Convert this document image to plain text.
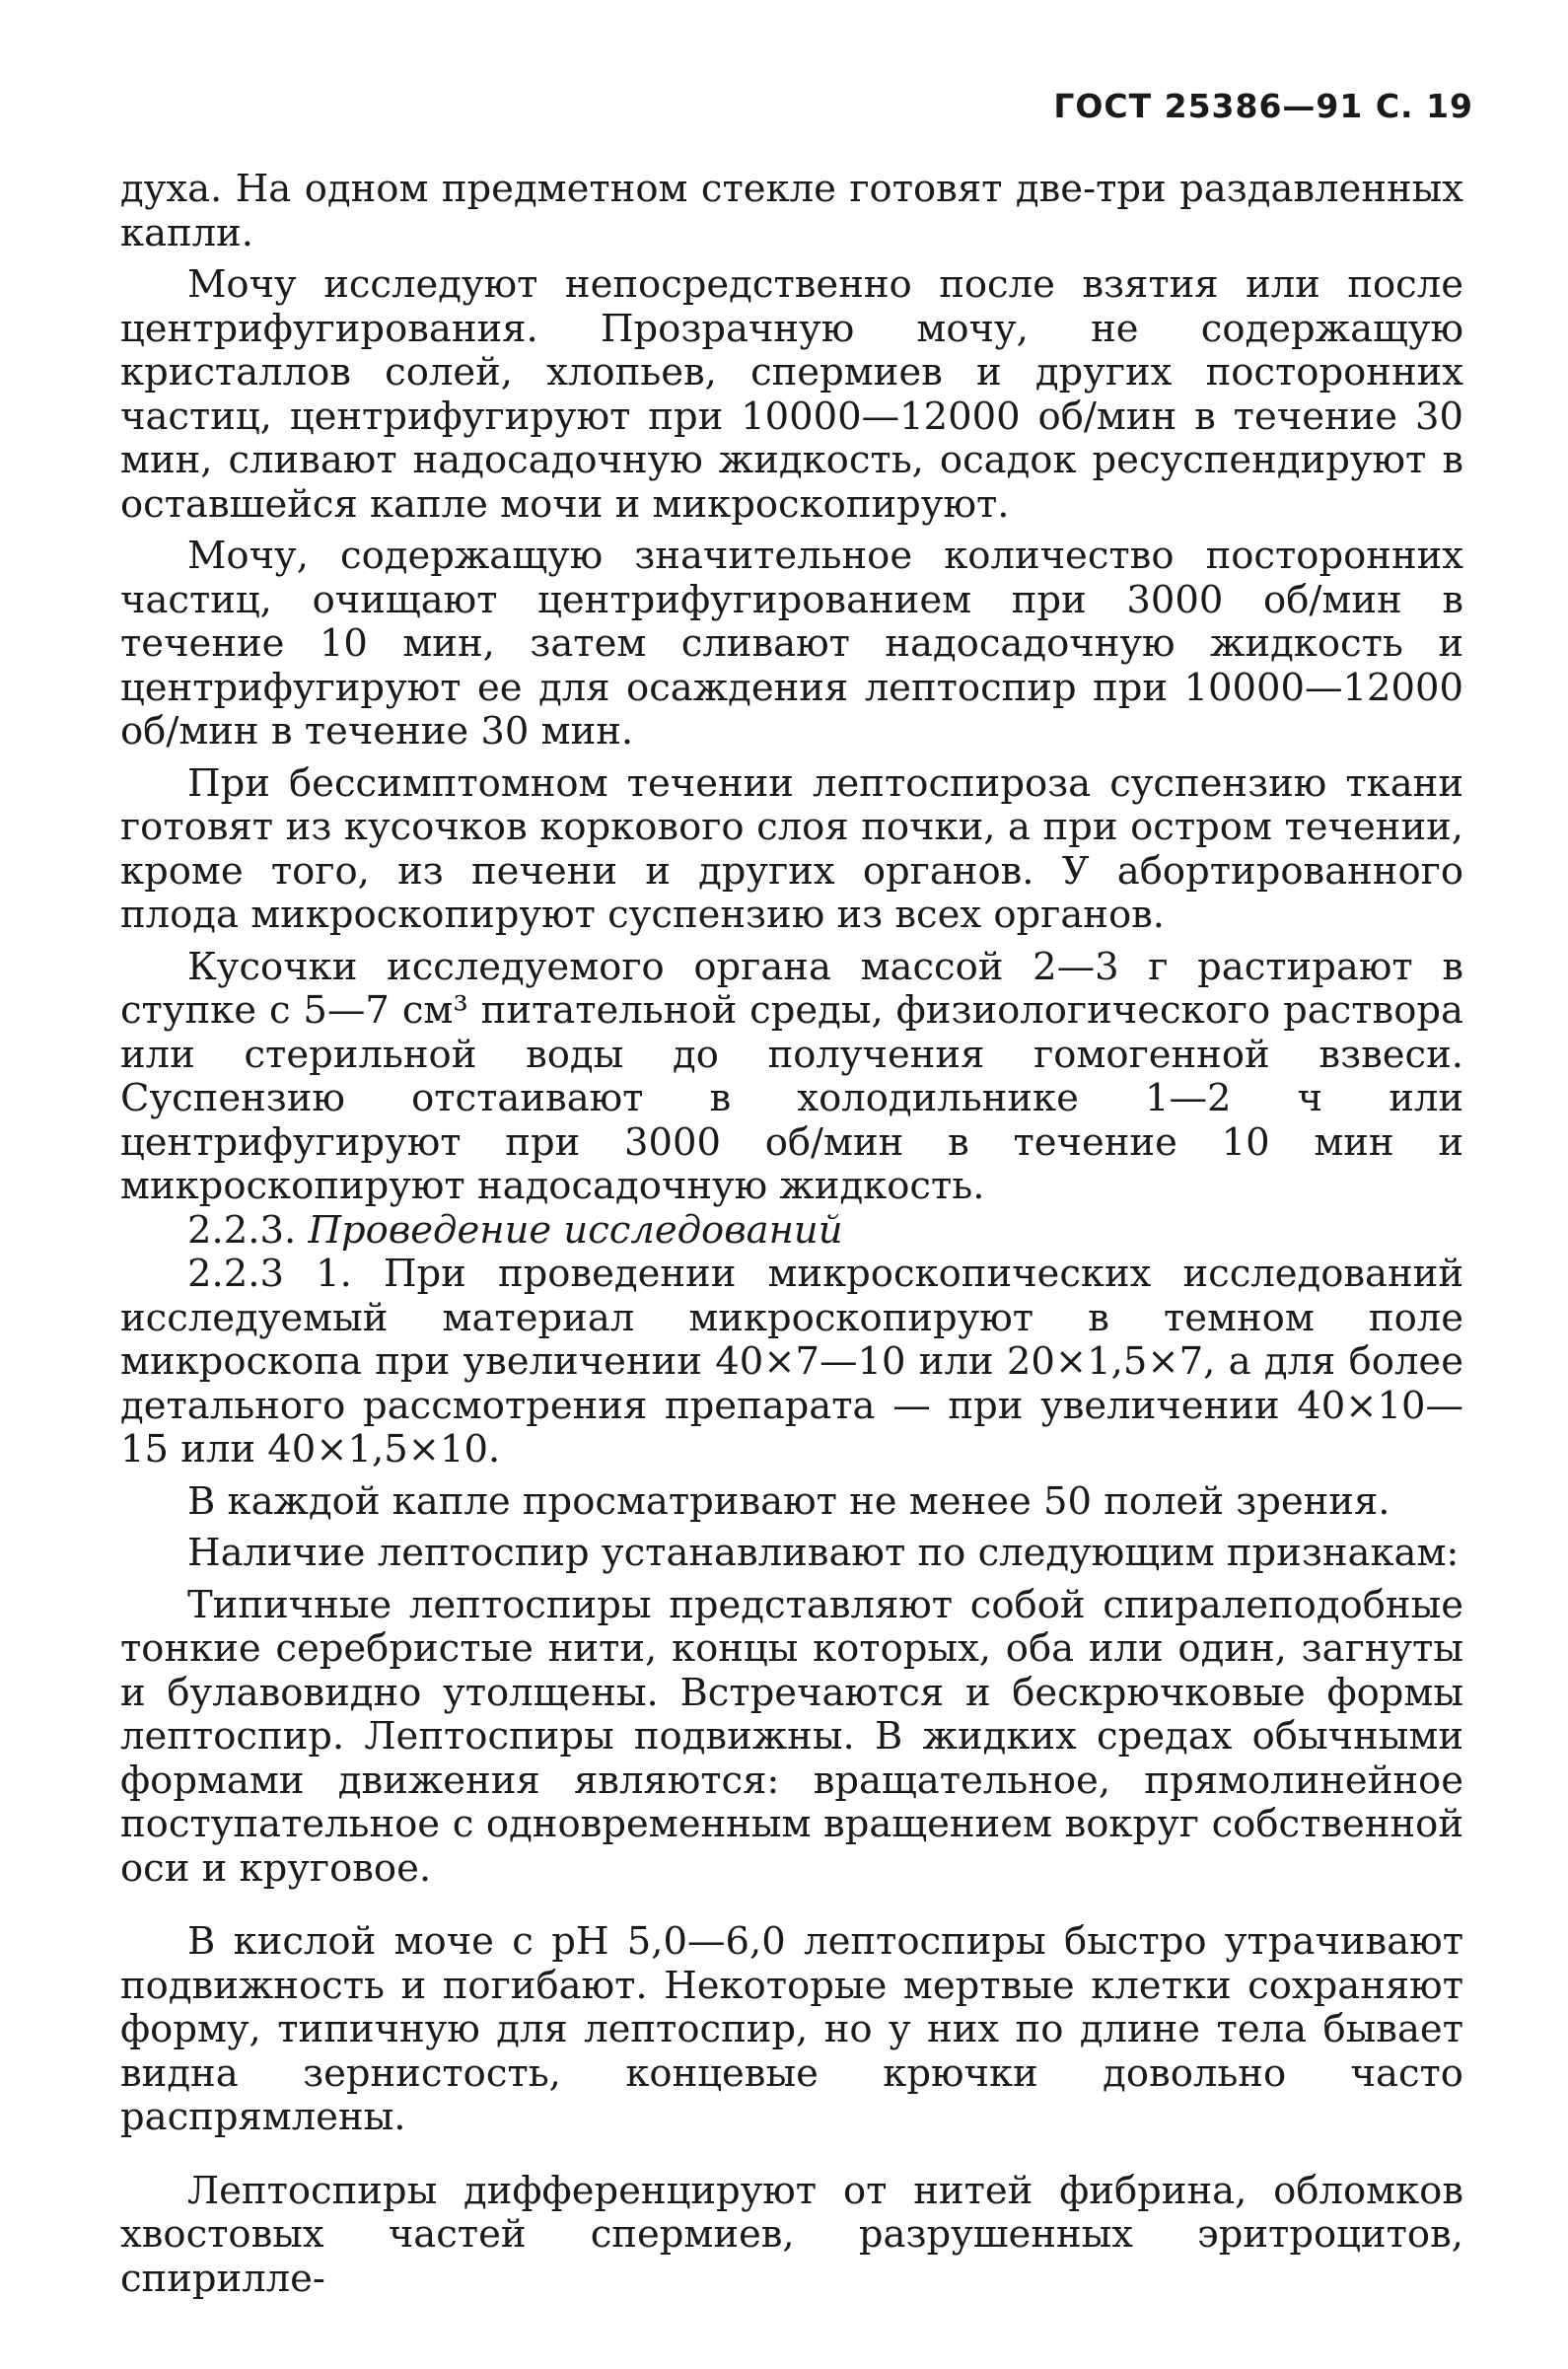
ГОСТ 25386—91 С. 19

духа. На одном предметном стекле готовят две-три раздавленных капли.

Мочу исследуют непосредственно после взятия или после центрифугирования. Прозрачную мочу, не содержащую кристаллов солей, хлопьев, спермиев и других посторонних частиц, центрифугируют при 10000—12000 об/мин в течение 30 мин, сливают надосадочную жидкость, осадок ресуспендируют в оставшейся капле мочи и микроскопируют.

Мочу, содержащую значительное количество посторонних частиц, очищают центрифугированием при 3000 об/мин в течение 10 мин, затем сливают надосадочную жидкость и центрифугируют ее для осаждения лептоспир при 10000—12000 об/мин в течение 30 мин.

При бессимптомном течении лептоспироза суспензию ткани готовят из кусочков коркового слоя почки, а при остром течении, кроме того, из печени и других органов. У абортированного плода микроскопируют суспензию из всех органов.

Кусочки исследуемого органа массой 2—3 г растирают в ступке с 5—7 см³ питательной среды, физиологического раствора или стерильной воды до получения гомогенной взвеси. Суспензию отстаивают в холодильнике 1—2 ч или центрифугируют при 3000 об/мин в течение 10 мин и микроскопируют надосадочную жидкость.

2.2.3. Проведение исследований

2.2.3 1. При проведении микроскопических исследований исследуемый материал микроскопируют в темном поле микроскопа при увеличении 40×7—10 или 20×1,5×7, а для более детального рассмотрения препарата — при увеличении 40×10—15 или 40×1,5×10.

В каждой капле просматривают не менее 50 полей зрения.

Наличие лептоспир устанавливают по следующим признакам:

Типичные лептоспиры представляют собой спиралеподобные тонкие серебристые нити, концы которых, оба или один, загнуты и булавовидно утолщены. Встречаются и бескрючковые формы лептоспир. Лептоспиры подвижны. В жидких средах обычными формами движения являются: вращательное, прямолинейное поступательное с одновременным вращением вокруг собственной оси и круговое.

В кислой моче с pH 5,0—6,0 лептоспиры быстро утрачивают подвижность и погибают. Некоторые мертвые клетки сохраняют форму, типичную для лептоспир, но у них по длине тела бывает видна зернистость, концевые крючки довольно часто распрямлены.

Лептоспиры дифференцируют от нитей фибрина, обломков хвостовых частей спермиев, разрушенных эритроцитов, спирилле-
